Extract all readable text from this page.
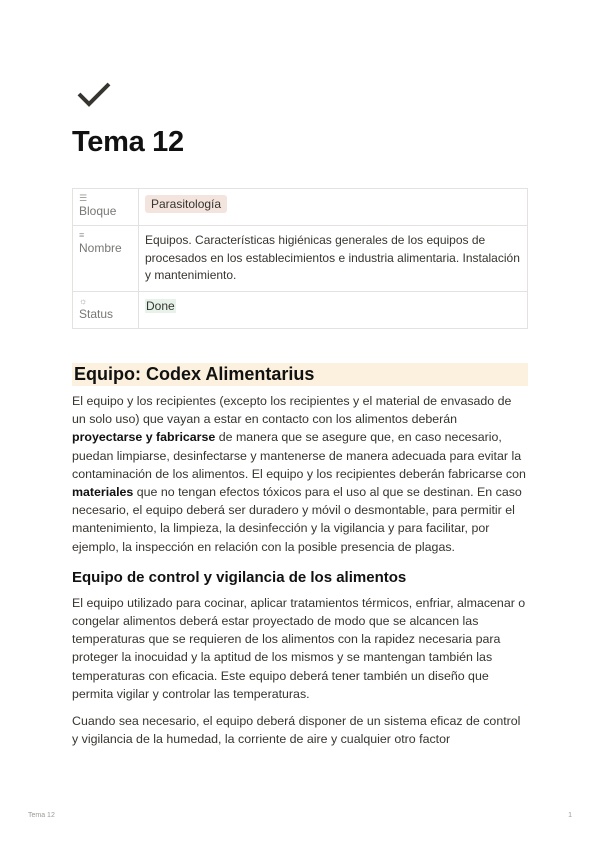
Tema 12
☰
Bloque	Parasitología

≡
Nombre	Equipos. Características higiénicas generales de los equipos de procesados en los establecimientos e industria alimentaria. Instalación y mantenimiento.

☼
Status	Done
Equipo: Codex Alimentarius

El equipo y los recipientes (excepto los recipientes y el material de envasado de un solo uso) que vayan a estar en contacto con los alimentos deberán proyectarse y fabricarse de manera que se asegure que, en caso necesario, puedan limpiarse, desinfectarse y mantenerse de manera adecuada para evitar la contaminación de los alimentos. El equipo y los recipientes deberán fabricarse con materiales que no tengan efectos tóxicos para el uso al que se destinan. En caso necesario, el equipo deberá ser duradero y móvil o desmontable, para permitir el mantenimiento, la limpieza, la desinfección y la vigilancia y para facilitar, por ejemplo, la inspección en relación con la posible presencia de plagas.

Equipo de control y vigilancia de los alimentos

El equipo utilizado para cocinar, aplicar tratamientos térmicos, enfriar, almacenar o congelar alimentos deberá estar proyectado de modo que se alcancen las temperaturas que se requieren de los alimentos con la rapidez necesaria para proteger la inocuidad y la aptitud de los mismos y se mantengan también las temperaturas con eficacia. Este equipo deberá tener también un diseño que permita vigilar y controlar las temperaturas.

Cuando sea necesario, el equipo deberá disponer de un sistema eficaz de control y vigilancia de la humedad, la corriente de aire y cualquier otro factor

Tema 12	1
